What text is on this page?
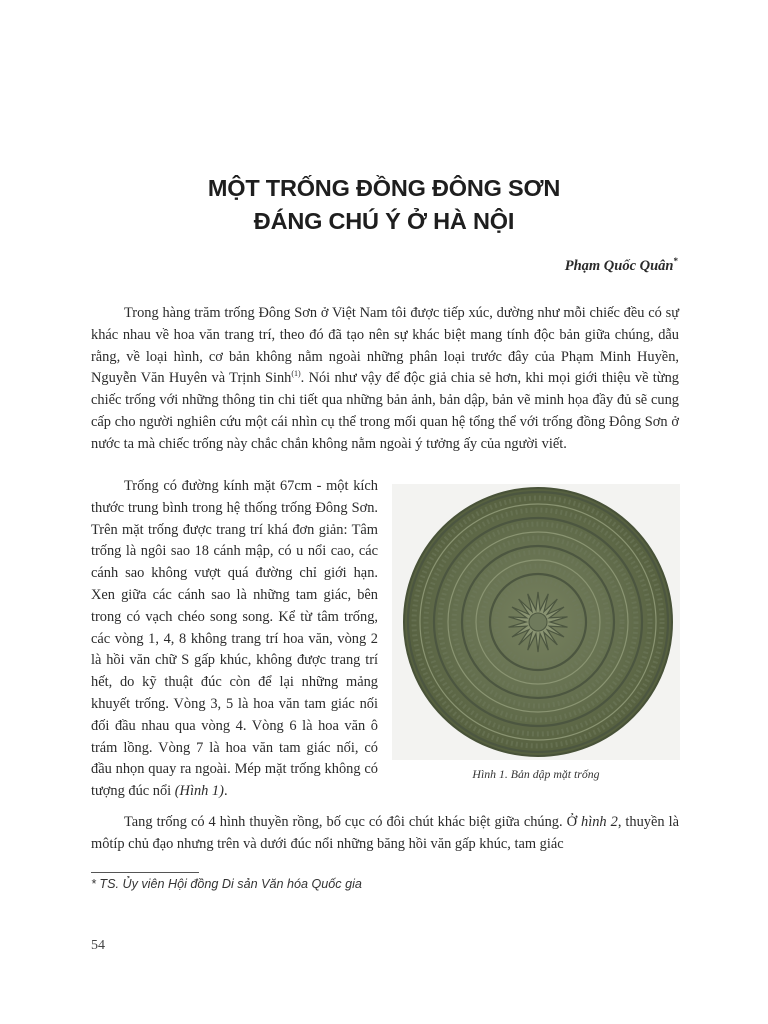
MỘT TRỐNG ĐỒNG ĐÔNG SƠN
ĐÁNG CHÚ Ý Ở HÀ NỘI
Phạm Quốc Quân*

Trong hàng trăm trống Đông Sơn ở Việt Nam tôi được tiếp xúc, dường như mỗi chiếc đều có sự khác nhau về hoa văn trang trí, theo đó đã tạo nên sự khác biệt mang tính độc bản giữa chúng, dẫu rằng, về loại hình, cơ bản không nằm ngoài những phân loại trước đây của Phạm Minh Huyền, Nguyễn Văn Huyên và Trịnh Sinh$^{(1)}$. Nói như vậy để độc giả chia sẻ hơn, khi mọi giới thiệu về từng chiếc trống với những thông tin chi tiết qua những bản ảnh, bản dập, bản vẽ minh họa đầy đủ sẽ cung cấp cho người nghiên cứu một cái nhìn cụ thể trong mối quan hệ tổng thể với trống đồng Đông Sơn ở nước ta mà chiếc trống này chắc chắn không nằm ngoài ý tưởng ấy của người viết.

Trống có đường kính mặt 67cm - một kích thước trung bình trong hệ thống trống Đông Sơn. Trên mặt trống được trang trí khá đơn giản: Tâm trống là ngôi sao 18 cánh mập, có u nổi cao, các cánh sao không vượt quá đường chỉ giới hạn. Xen giữa các cánh sao là những tam giác, bên trong có vạch chéo song song. Kể từ tâm trống, các vòng 1, 4, 8 không trang trí hoa văn, vòng 2 là hồi văn chữ S gấp khúc, không được trang trí hết, do kỹ thuật đúc còn để lại những mảng khuyết trống. Vòng 3, 5 là hoa văn tam giác nối đối đầu nhau qua vòng 4. Vòng 6 là hoa văn ô trám lồng. Vòng 7 là hoa văn tam giác nối, có đầu nhọn quay ra ngoài. Mép mặt trống không có tượng đúc nổi (Hình 1).

Hình 1. Bản dập mặt trống

Tang trống có 4 hình thuyền rồng, bố cục có đôi chút khác biệt giữa chúng. Ở hình 2, thuyền là môtíp chủ đạo nhưng trên và dưới đúc nổi những băng hồi văn gấp khúc, tam giác

* TS. Ủy viên Hội đồng Di sản Văn hóa Quốc gia
54
